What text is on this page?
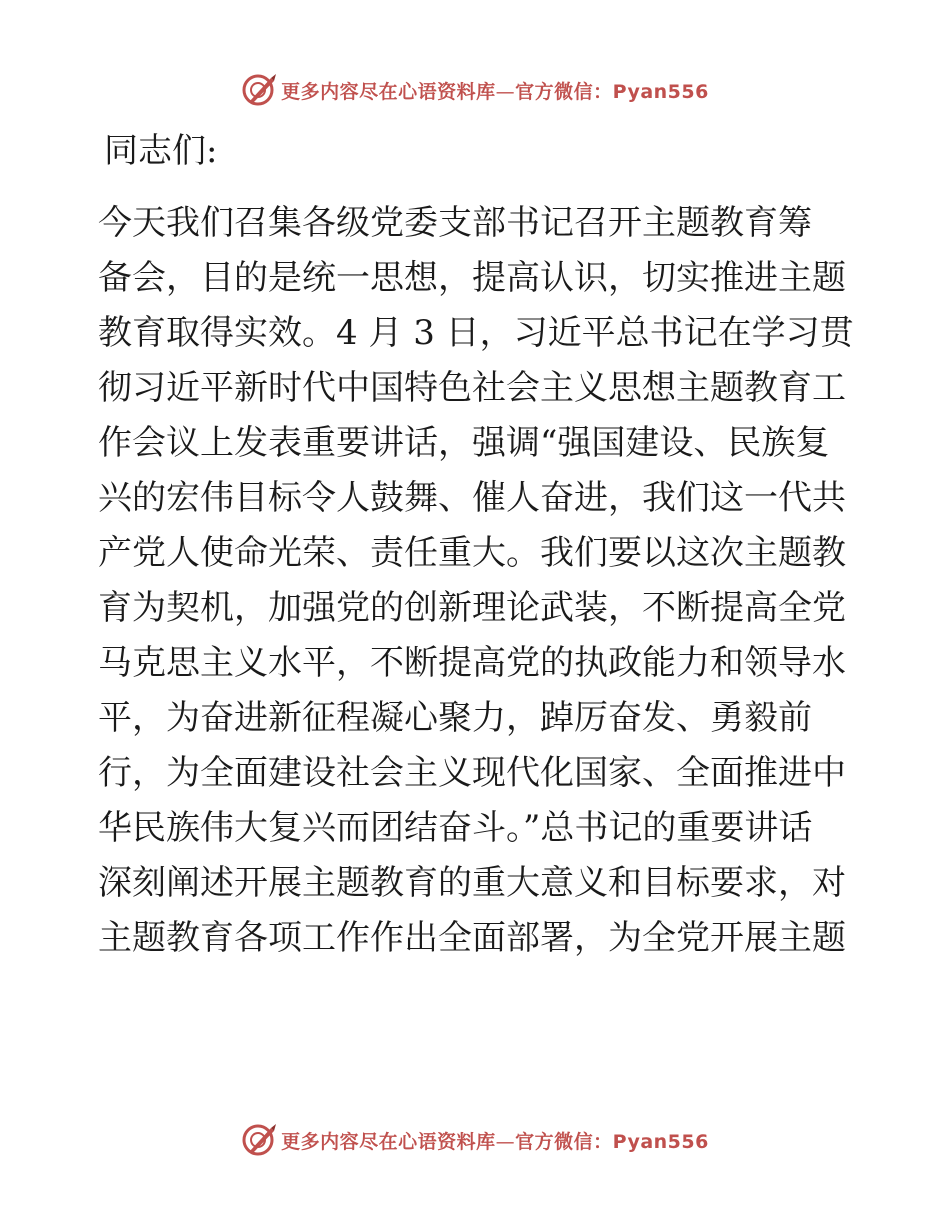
更多内容尽在心语资料库—官方微信：Pyan556
同志们:
今天我们召集各级党委支部书记召开主题教育筹
备会，目的是统一思想，提高认识，切实推进主题
教育取得实效。4 月 3 日，习近平总书记在学习贯
彻习近平新时代中国特色社会主义思想主题教育工
作会议上发表重要讲话，强调“强国建设、民族复
兴的宏伟目标令人鼓舞、催人奋进，我们这一代共
产党人使命光荣、责任重大。我们要以这次主题教
育为契机，加强党的创新理论武装，不断提高全党
马克思主义水平，不断提高党的执政能力和领导水
平，为奋进新征程凝心聚力，踔厉奋发、勇毅前
行，为全面建设社会主义现代化国家、全面推进中
华民族伟大复兴而团结奋斗。”总书记的重要讲话
深刻阐述开展主题教育的重大意义和目标要求，对
主题教育各项工作作出全面部署，为全党开展主题
更多内容尽在心语资料库—官方微信：Pyan556
